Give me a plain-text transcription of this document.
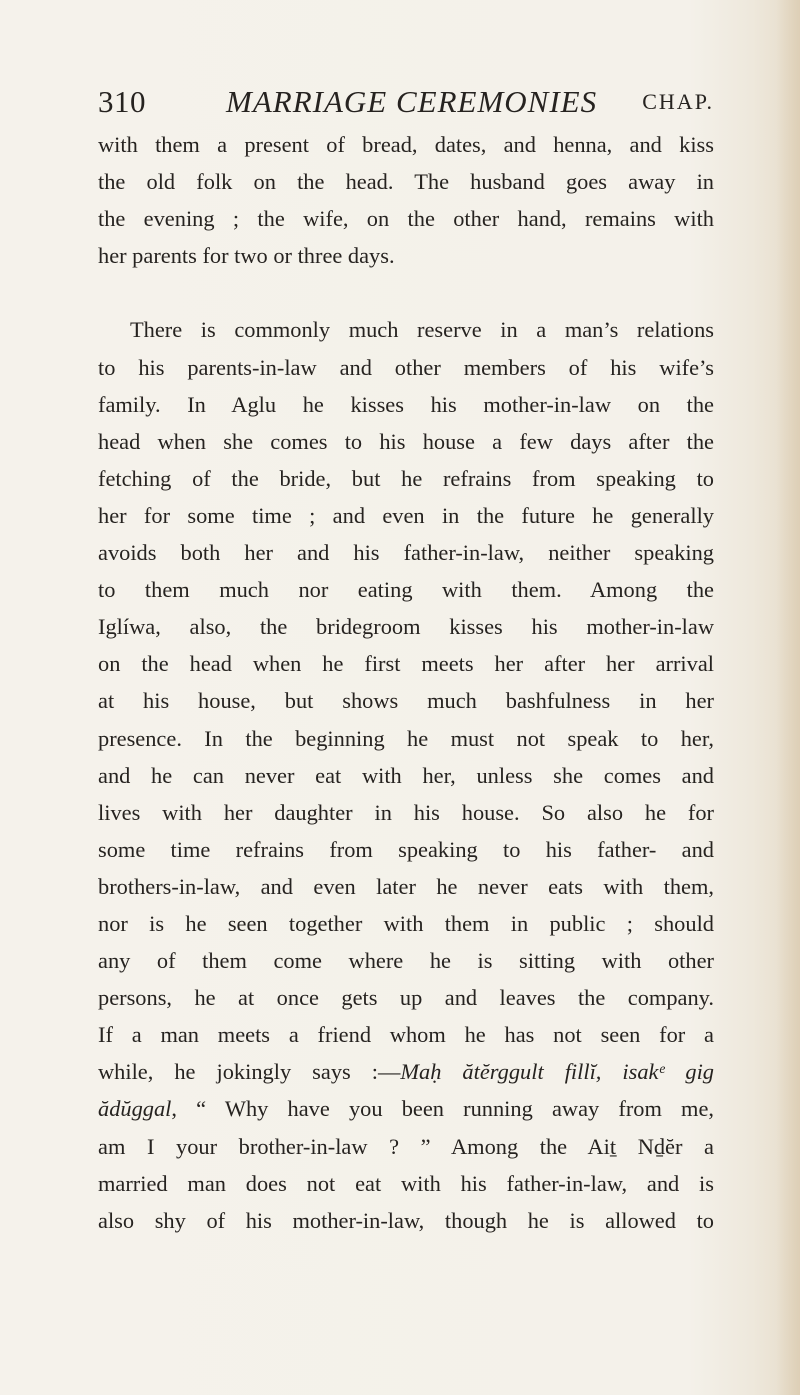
310	MARRIAGE CEREMONIES CHAP.
with them a present of bread, dates, and henna, and kiss
the old folk on the head. The husband goes away in
the evening ; the wife, on the other hand, remains with
her parents for two or three days.
There is commonly much reserve in a man’s relations
to his parents-in-law and other members of his wife’s
family. In Aglu he kisses his mother-in-law on the
head when she comes to his house a few days after the
fetching of the bride, but he refrains from speaking to
her for some time ; and even in the future he generally
avoids both her and his father-in-law, neither speaking
to them much nor eating with them. Among the
Iglíwa, also, the bridegroom kisses his mother-in-law
on the head when he first meets her after her arrival
at his house, but shows much bashfulness in her
presence. In the beginning he must not speak to her,
and he can never eat with her, unless she comes and
lives with her daughter in his house. So also he for
some time refrains from speaking to his father- and
brothers-in-law, and even later he never eats with them,
nor is he seen together with them in public ; should
any of them come where he is sitting with other
persons, he at once gets up and leaves the company.
If a man meets a friend whom he has not seen for a
while, he jokingly says :—Maḥ ătĕrggult fillĭ, isakᵉ gig
ădŭggal, “ Why have you been running away from me,
am I your brother-in-law ? ” Among the Aiṯ Nḏĕr a
married man does not eat with his father-in-law, and is
also shy of his mother-in-law, though he is allowed to
